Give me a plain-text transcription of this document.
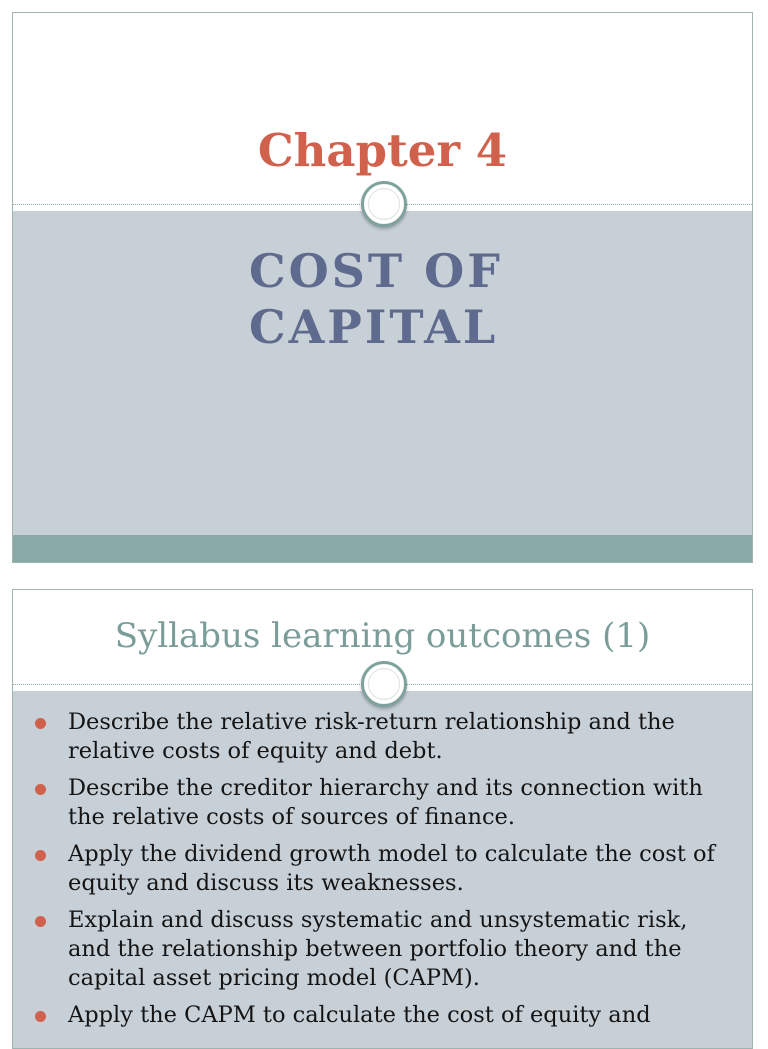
Chapter 4
COST OF
CAPITAL
Syllabus learning outcomes (1)
Describe the relative risk-return relationship and the relative costs of equity and debt.
Describe the creditor hierarchy and its connection with the relative costs of sources of finance.
Apply the dividend growth model to calculate the cost of equity and discuss its weaknesses.
Explain and discuss systematic and unsystematic risk, and the relationship between portfolio theory and the capital asset pricing model (CAPM).
Apply the CAPM to calculate the cost of equity and
